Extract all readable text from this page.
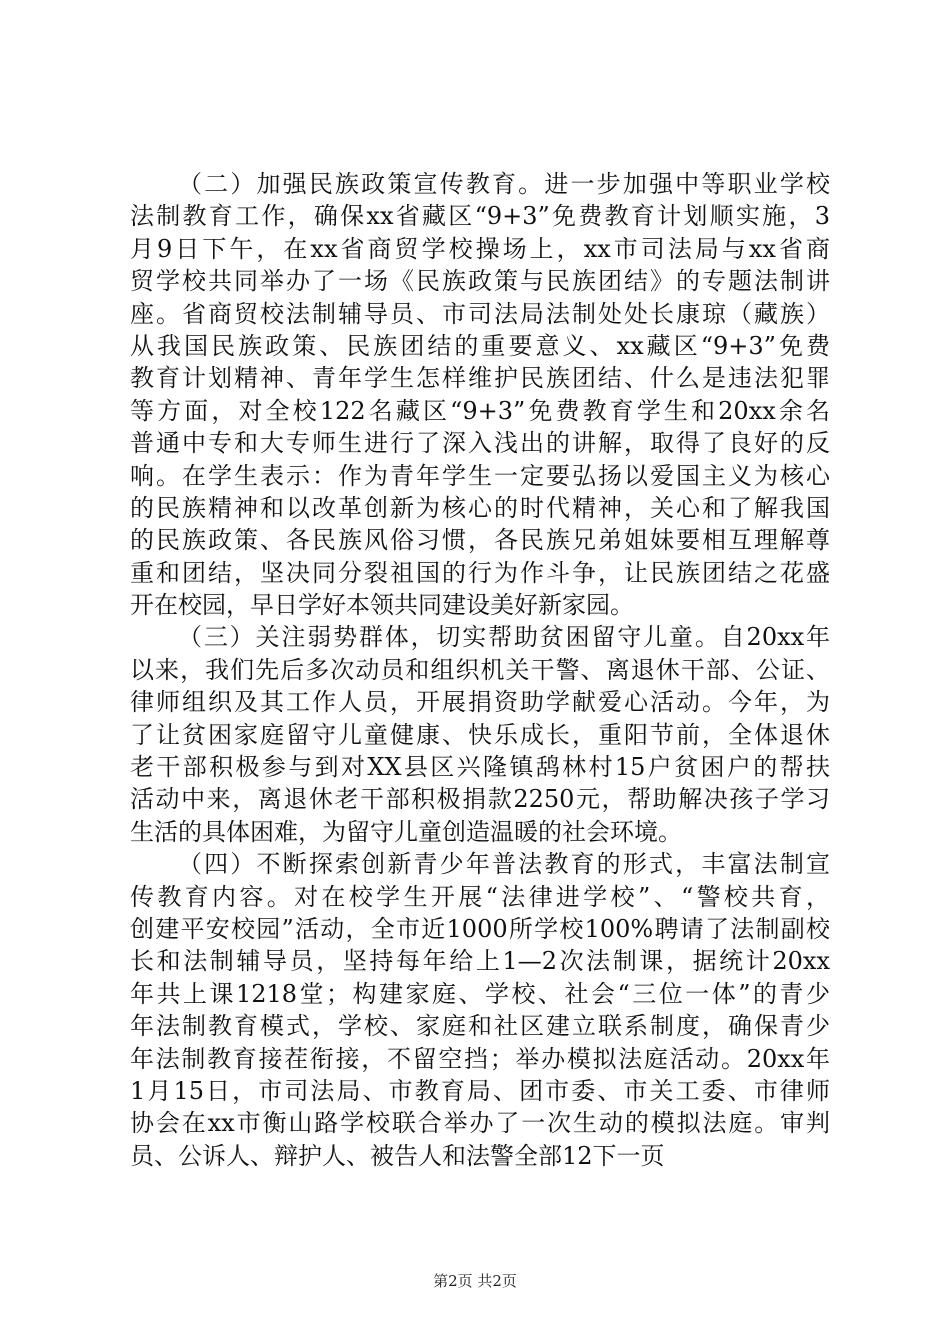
（二）加强民族政策宣传教育。进一步加强中等职业学校
法制教育工作，确保xx省藏区“9+3”免费教育计划顺实施，3
月9日下午，在xx省商贸学校操场上，xx市司法局与xx省商
贸学校共同举办了一场《民族政策与民族团结》的专题法制讲
座。省商贸校法制辅导员、市司法局法制处处长康琼（藏族）
从我国民族政策、民族团结的重要意义、xx藏区“9+3”免费
教育计划精神、青年学生怎样维护民族团结、什么是违法犯罪
等方面，对全校122名藏区“9+3”免费教育学生和20xx余名
普通中专和大专师生进行了深入浅出的讲解，取得了良好的反
响。在学生表示：作为青年学生一定要弘扬以爱国主义为核心
的民族精神和以改革创新为核心的时代精神，关心和了解我国
的民族政策、各民族风俗习惯，各民族兄弟姐妹要相互理解尊
重和团结，坚决同分裂祖国的行为作斗争，让民族团结之花盛
开在校园，早日学好本领共同建设美好新家园。
（三）关注弱势群体，切实帮助贫困留守儿童。自20xx年
以来，我们先后多次动员和组织机关干警、离退休干部、公证、
律师组织及其工作人员，开展捐资助学献爱心活动。今年，为
了让贫困家庭留守儿童健康、快乐成长，重阳节前，全体退休
老干部积极参与到对XX县区兴隆镇鸹林村15户贫困户的帮扶
活动中来，离退休老干部积极捐款2250元，帮助解决孩子学习
生活的具体困难，为留守儿童创造温暖的社会环境。
（四）不断探索创新青少年普法教育的形式，丰富法制宣
传教育内容。对在校学生开展“法律进学校”、“警校共育，
创建平安校园”活动，全市近1000所学校100%聘请了法制副校
长和法制辅导员，坚持每年给上1—2次法制课，据统计20xx
年共上课1218堂；构建家庭、学校、社会“三位一体”的青少
年法制教育模式，学校、家庭和社区建立联系制度，确保青少
年法制教育接茬衔接，不留空挡；举办模拟法庭活动。20xx年
1月15日，市司法局、市教育局、团市委、市关工委、市律师
协会在xx市衡山路学校联合举办了一次生动的模拟法庭。审判
员、公诉人、辩护人、被告人和法警全部12下一页
第2页 共2页
